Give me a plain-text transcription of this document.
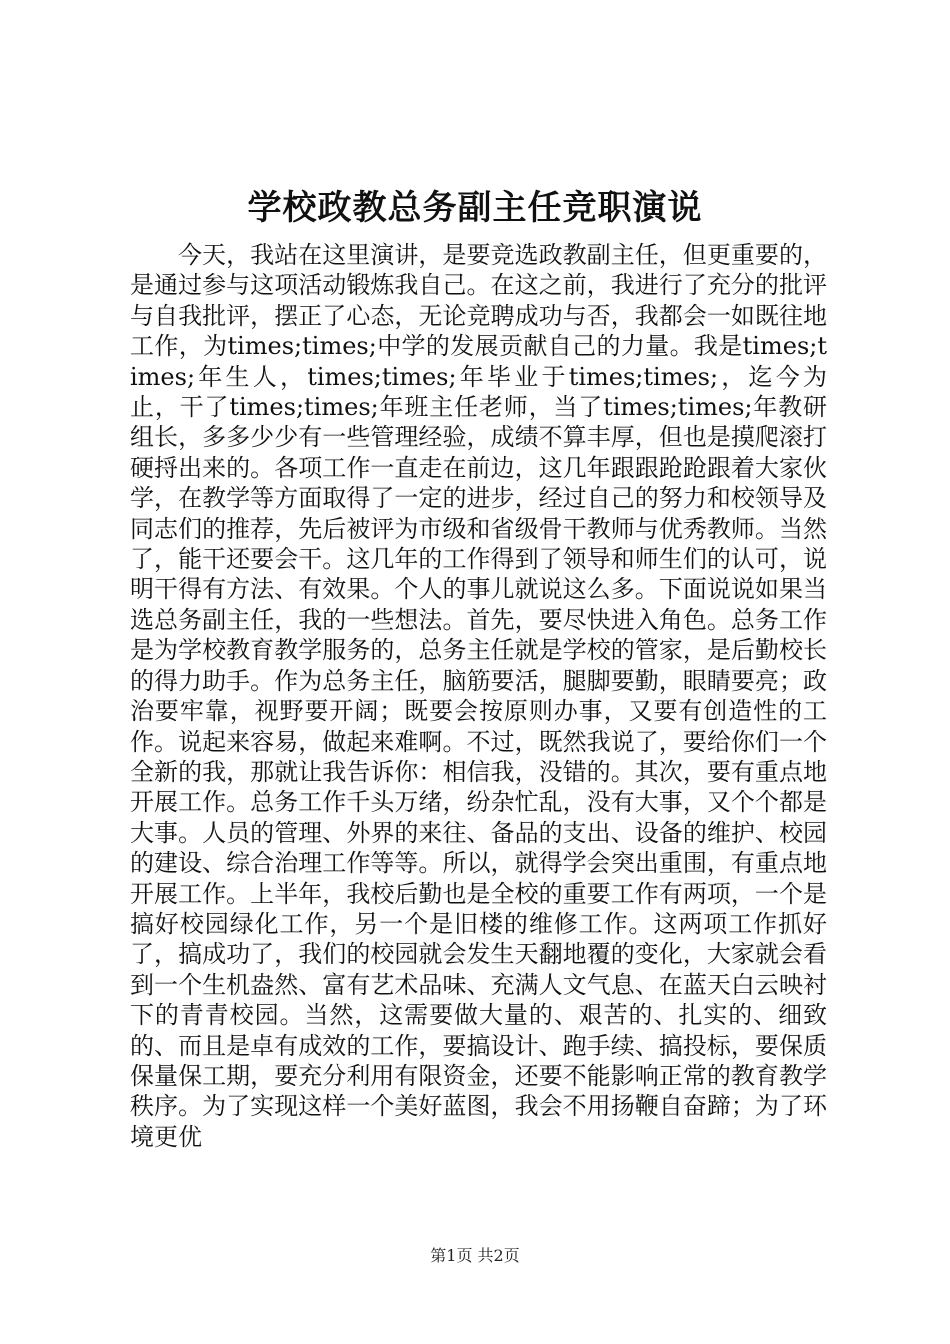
学校政教总务副主任竞职演说

今天，我站在这里演讲，是要竞选政教副主任，但更重要的，是通过参与这项活动锻炼我自己。在这之前，我进行了充分的批评与自我批评，摆正了心态，无论竞聘成功与否，我都会一如既往地工作，为times;times;中学的发展贡献自己的力量。我是times;times;年生人，times;times;年毕业于times;times;，迄今为止，干了times;times;年班主任老师，当了times;times;年教研组长，多多少少有一些管理经验，成绩不算丰厚，但也是摸爬滚打硬捋出来的。各项工作一直走在前边，这几年跟跟跄跄跟着大家伙学，在教学等方面取得了一定的进步，经过自己的努力和校领导及同志们的推荐，先后被评为市级和省级骨干教师与优秀教师。当然了，能干还要会干。这几年的工作得到了领导和师生们的认可，说明干得有方法、有效果。个人的事儿就说这么多。下面说说如果当选总务副主任，我的一些想法。首先，要尽快进入角色。总务工作是为学校教育教学服务的，总务主任就是学校的管家，是后勤校长的得力助手。作为总务主任，脑筋要活，腿脚要勤，眼睛要亮；政治要牢靠，视野要开阔；既要会按原则办事，又要有创造性的工作。说起来容易，做起来难啊。不过，既然我说了，要给你们一个全新的我，那就让我告诉你：相信我，没错的。其次，要有重点地开展工作。总务工作千头万绪，纷杂忙乱，没有大事，又个个都是大事。人员的管理、外界的来往、备品的支出、设备的维护、校园的建设、综合治理工作等等。所以，就得学会突出重围，有重点地开展工作。上半年，我校后勤也是全校的重要工作有两项，一个是搞好校园绿化工作，另一个是旧楼的维修工作。这两项工作抓好了，搞成功了，我们的校园就会发生天翻地覆的变化，大家就会看到一个生机盎然、富有艺术品味、充满人文气息、在蓝天白云映衬下的青青校园。当然，这需要做大量的、艰苦的、扎实的、细致的、而且是卓有成效的工作，要搞设计、跑手续、搞投标，要保质保量保工期，要充分利用有限资金，还要不能影响正常的教育教学秩序。为了实现这样一个美好蓝图，我会不用扬鞭自奋蹄；为了环境更优

第1页 共2页
